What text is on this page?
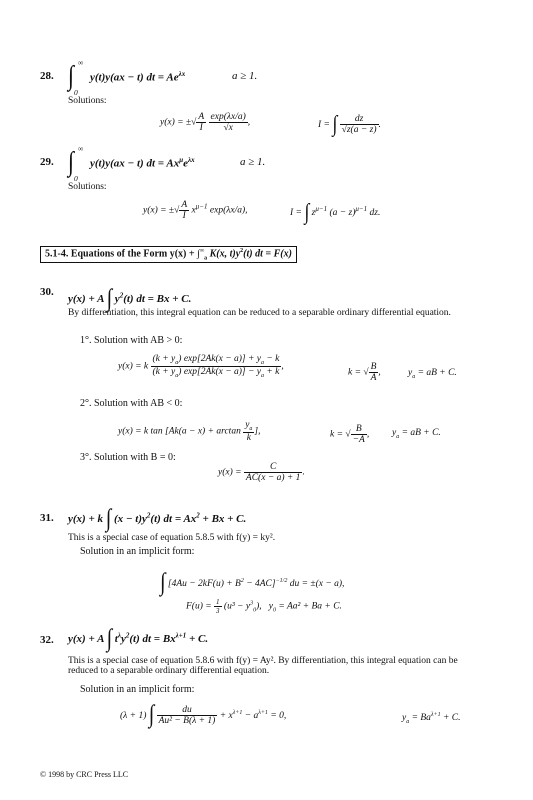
28.
∞
∫
0
y(t)y(ax − t) dt = $Ae^{\lambda x}$	a ≥ 1.
Solutions:
y(x) = ±√ $\frac{A}{I}$
$\frac{\exp(\lambda x/a)}{√x}$ ,	I = ∫ $\frac{dz}{√z(a - z)}$ .
29.
∞
∫
0
y(t)y(ax − t) dt = $Ax^\mu e^{\lambda x}$	a ≥ 1.
Solutions:
y(x) = ±√ $\frac{A}{I} x^{\mu-1}$ exp(λx/a),	I = ∫ $z^{\mu-1}$ $(a - z)^{\mu-1}$ dz.
5.1-4. Equations of the Form $y(x) + \int^\infty_a$ K(x, $t)y^2(t)$ dt = F(x)
30.
y(x) + A ∫ $y^2(t)$ dt = Bx + C.
By differentiation, this integral equation can be reduced to a separable ordinary differential equation.
1°. Solution with AB > 0:
y(x) = k $\frac{(k + y_a) \exp[2Ak(x - a)] + y_a - k}{(k + y_a) \exp[2Ak(x - a)] - y_a + k}$ ,
k = √ $\frac{B}{A}$ ,	$y_a$ = aB + C.
2°. Solution with AB < 0:
y(x) = k $\tan [Ak(a - x) + \arctan \frac{y_a}{k}$ ],	k = √ $\frac{B}{-A}$ , $y_a$ = aB + C.
3°. Solution with B = 0:
$y(x) = \frac{C}{AC(x - a) + 1}$ .
31. y(x) + k ∫ $(x - t)y^2(t)$ dt = $Ax^2 + Bx + C$.
This is a special case of equation 5.8.5 with f(y) = ky².
Solution in an implicit form:
∫ $[4Au - 2kF(u) + B^2 - 4AC]^{-1/2}$ du = ±(x − a),
$F(u) = \frac{1}{3} (u^3 - y^3_0)$, $y_0 = Aa^2 + Ba + C$.
32. y(x) + A ∫ $t^\lambda y^2(t)$ dt = $Bx^{\lambda+1} + C$.
This is a special case of equation 5.8.6 with f(y) = Ay². By differentiation, this integral equation can be reduced to a separable ordinary differential equation.
Solution in an implicit form:
(λ + 1) ∫ $\frac{du}{\text{Au² − B(λ + 1)}} + x^{\lambda+1} - a^{\lambda+1} = 0$,	$y_a = Ba^{\lambda+1} + C$.
© 1998 by CRC Press LLC
